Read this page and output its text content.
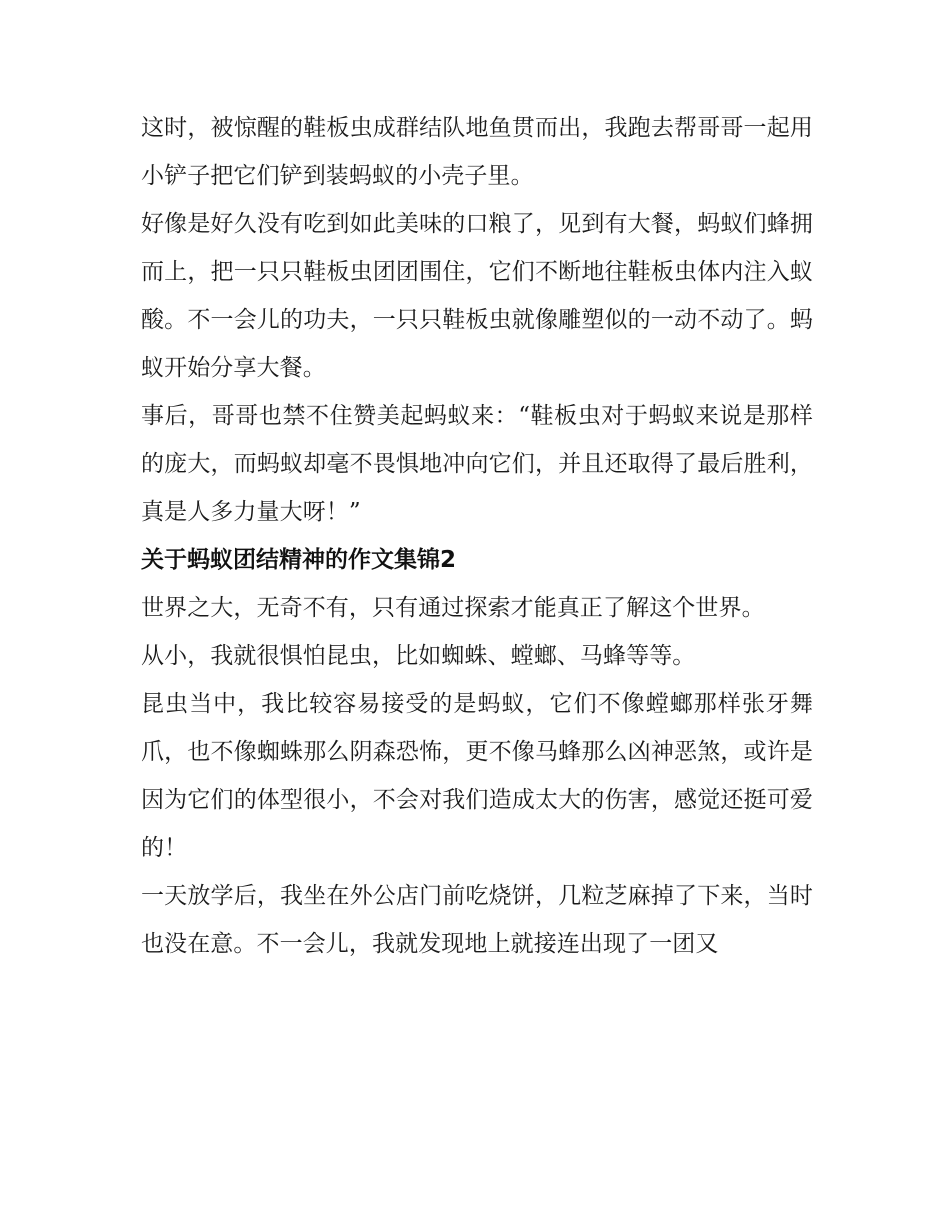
这时，被惊醒的鞋板虫成群结队地鱼贯而出，我跑去帮哥哥一起用小铲子把它们铲到装蚂蚁的小壳子里。

好像是好久没有吃到如此美味的口粮了，见到有大餐，蚂蚁们蜂拥而上，把一只只鞋板虫团团围住，它们不断地往鞋板虫体内注入蚁酸。不一会儿的功夫，一只只鞋板虫就像雕塑似的一动不动了。蚂蚁开始分享大餐。

事后，哥哥也禁不住赞美起蚂蚁来：“鞋板虫对于蚂蚁来说是那样的庞大，而蚂蚁却毫不畏惧地冲向它们，并且还取得了最后胜利，真是人多力量大呀！”

关于蚂蚁团结精神的作文集锦2

世界之大，无奇不有，只有通过探索才能真正了解这个世界。

从小，我就很惧怕昆虫，比如蜘蛛、螳螂、马蜂等等。

昆虫当中，我比较容易接受的是蚂蚁，它们不像螳螂那样张牙舞爪，也不像蜘蛛那么阴森恐怖，更不像马蜂那么凶神恶煞，或许是因为它们的体型很小，不会对我们造成太大的伤害，感觉还挺可爱的！

一天放学后，我坐在外公店门前吃烧饼，几粒芝麻掉了下来，当时也没在意。不一会儿，我就发现地上就接连出现了一团又
